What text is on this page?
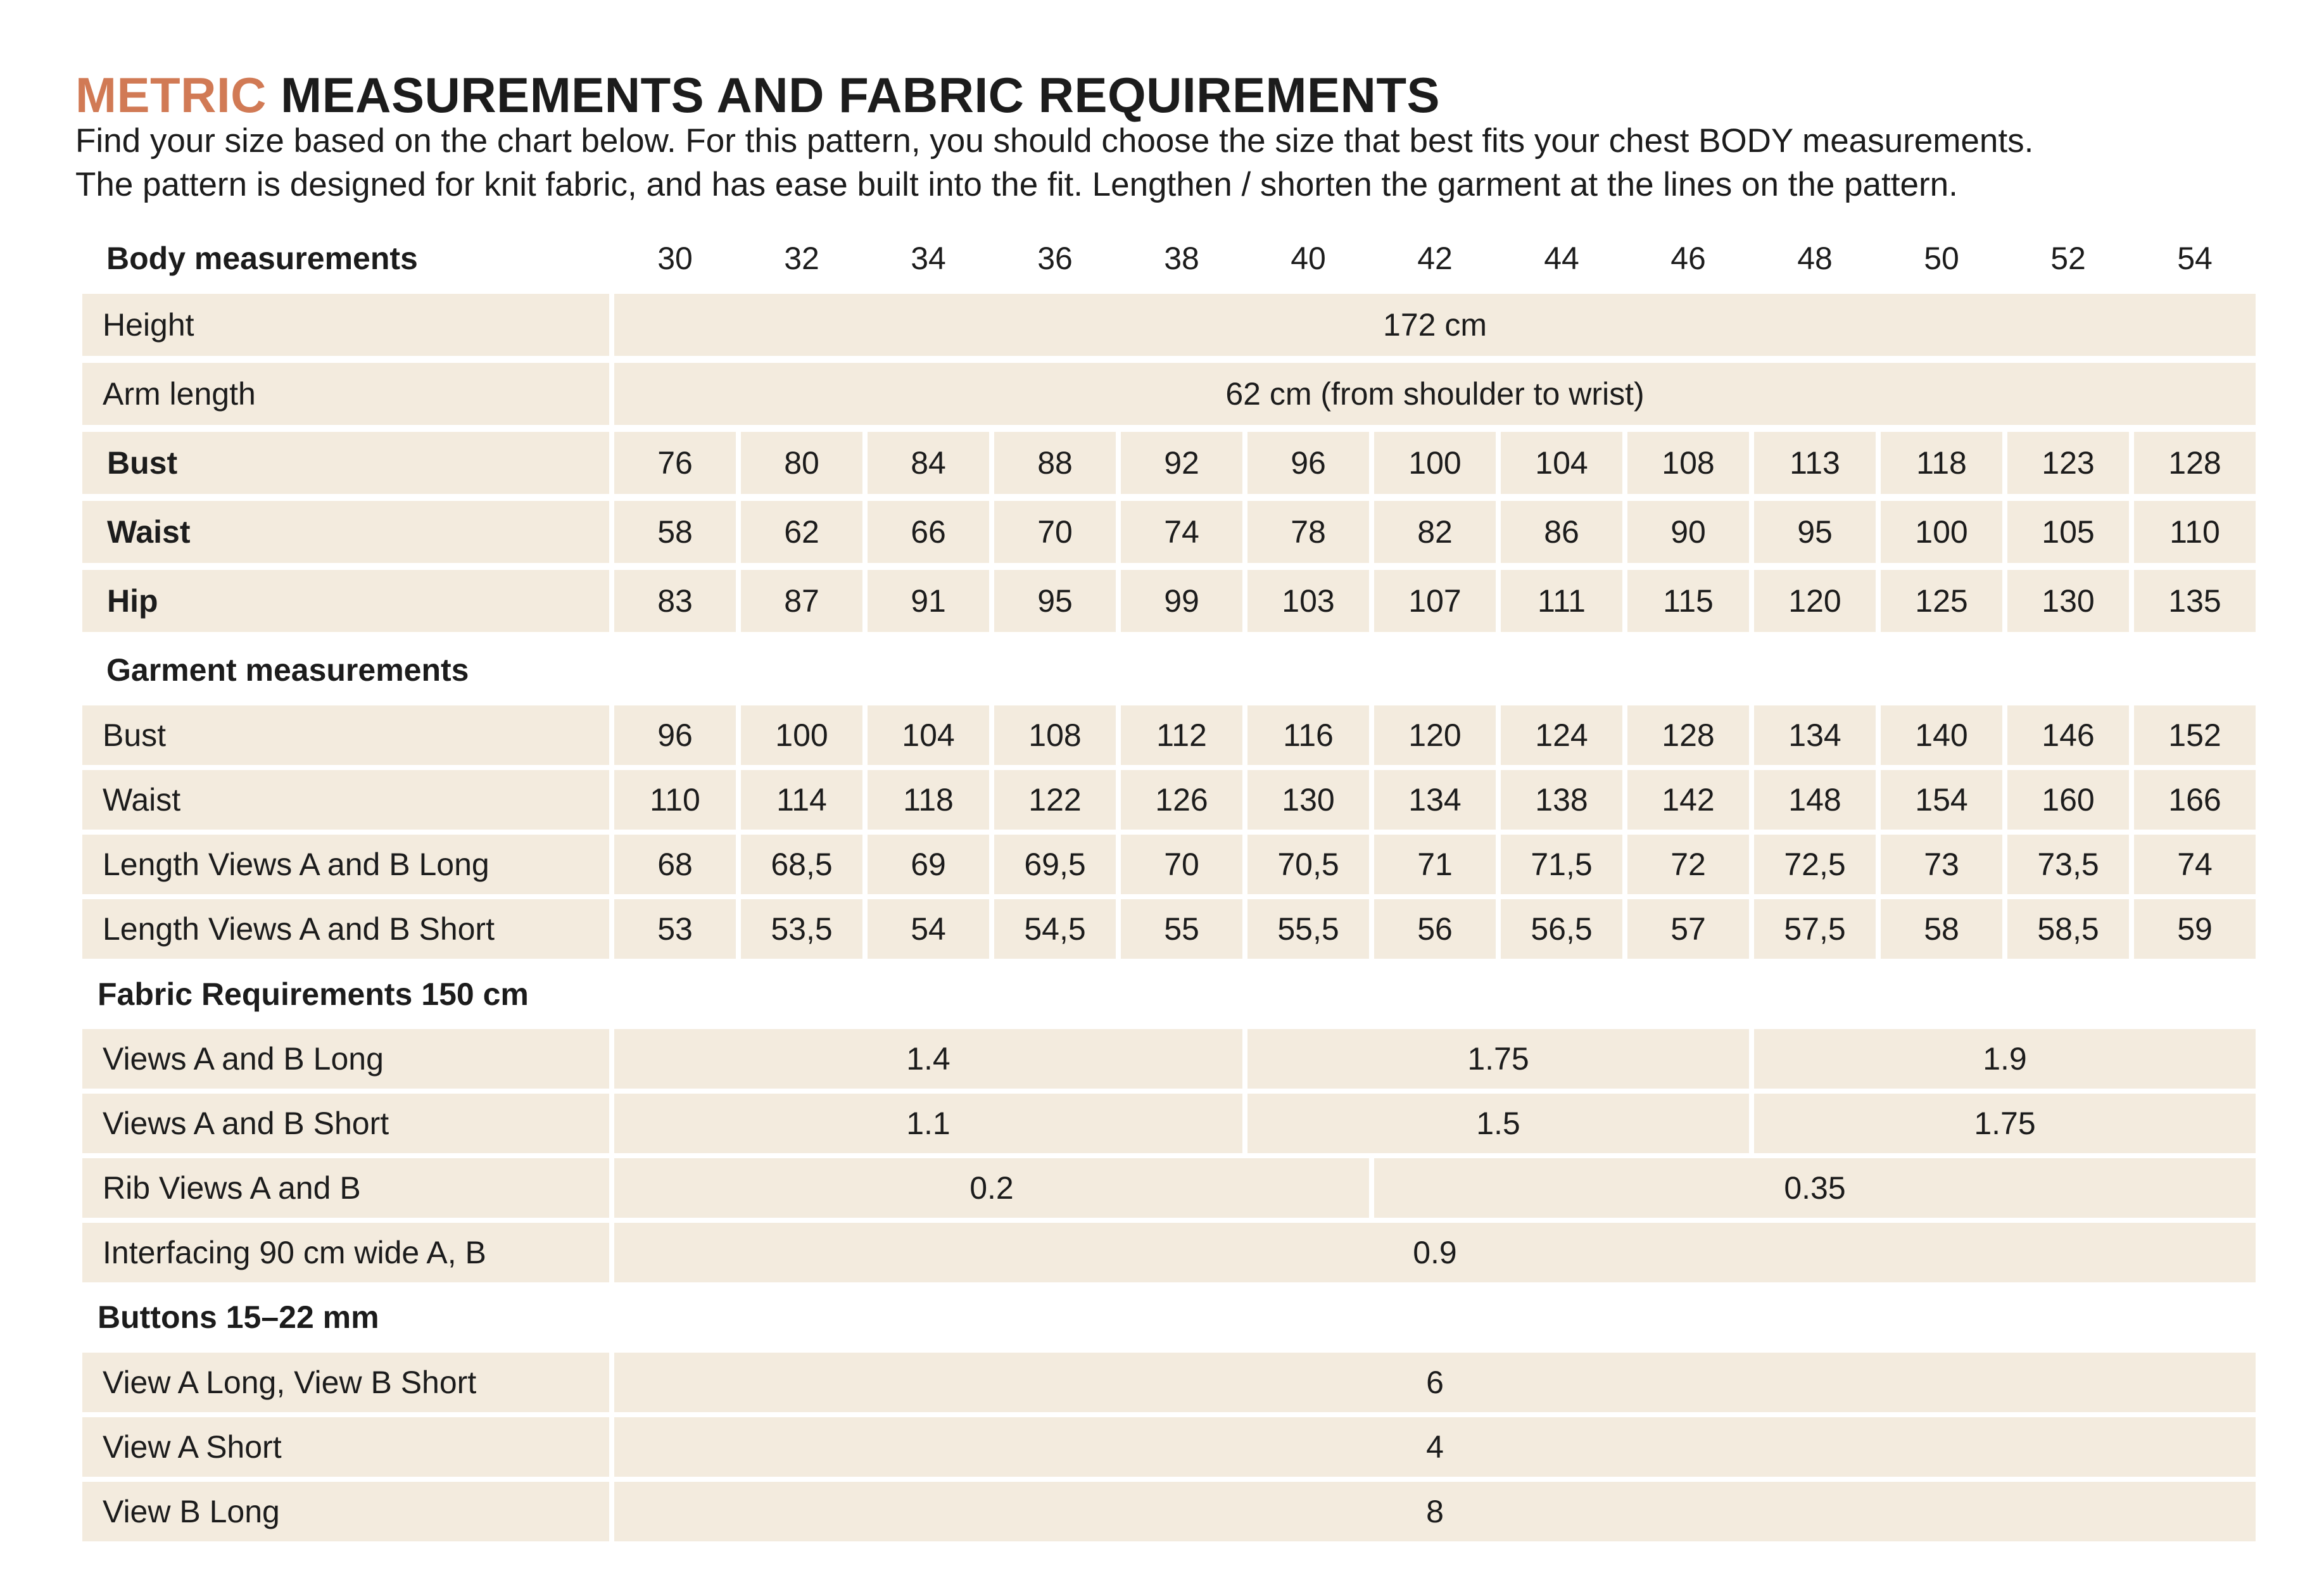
METRIC MEASUREMENTS AND FABRIC REQUIREMENTS

Find your size based on the chart below. For this pattern, you should choose the size that best fits your chest BODY measurements.
The pattern is designed for knit fabric, and has ease built into the fit. Lengthen / shorten the garment at the lines on the pattern.

Body measurements	30	32	34	36	38	40	42	44	46	48	50	52	54
Height	172 cm
Arm length	62 cm (from shoulder to wrist)
Bust	76	80	84	88	92	96	100	104	108	113	118	123	128
Waist	58	62	66	70	74	78	82	86	90	95	100	105	110
Hip	83	87	91	95	99	103	107	111	115	120	125	130	135
Garment measurements
Bust	96	100	104	108	112	116	120	124	128	134	140	146	152
Waist	110	114	118	122	126	130	134	138	142	148	154	160	166
Length Views A and B Long	68	68,5	69	69,5	70	70,5	71	71,5	72	72,5	73	73,5	74
Length Views A and B Short	53	53,5	54	54,5	55	55,5	56	56,5	57	57,5	58	58,5	59
Fabric Requirements 150 cm
Views A and B Long	1.4	1.75	1.9
Views A and B Short	1.1	1.5	1.75
Rib Views A and B	0.2	0.35
Interfacing 90 cm wide A, B	0.9
Buttons 15–22 mm
View A Long, View B Short	6
View A Short	4
View B Long	8
